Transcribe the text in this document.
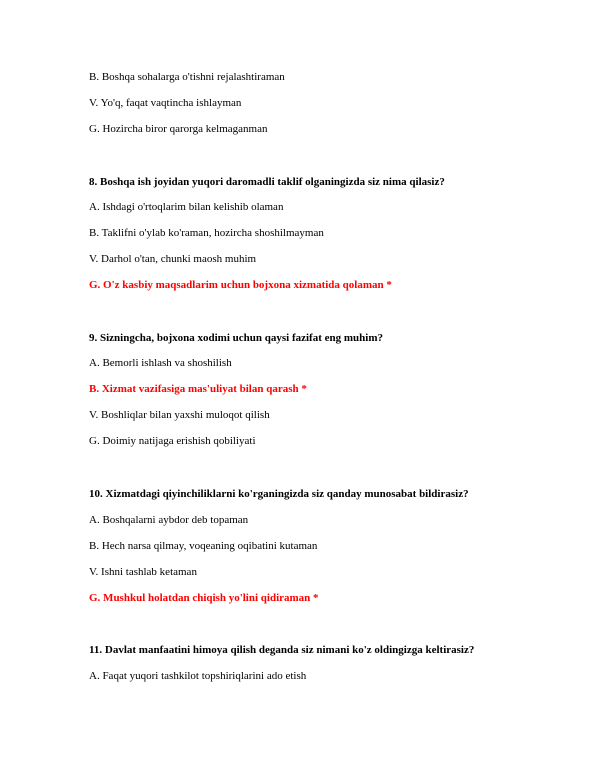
B. Boshqa sohalarga o'tishni rejalashtiraman
V. Yo'q, faqat vaqtincha ishlayman
G. Hozircha biror qarorga kelmaganman
8. Boshqa ish joyidan yuqori daromadli taklif olganingizda siz nima qilasiz?
A. Ishdagi o'rtoqlarim bilan kelishib olaman
B. Taklifni o'ylab ko'raman, hozircha shoshilmayman
V. Darhol o'tan, chunki maosh muhim
G. O'z kasbiy maqsadlarim uchun bojxona xizmatida qolaman *
9. Sizningcha, bojxona xodimi uchun qaysi fazifat eng muhim?
A. Bemorli ishlash va shoshilish
B. Xizmat vazifasiga mas'uliyat bilan qarash *
V. Boshliqlar bilan yaxshi muloqot qilish
G. Doimiy natijaga erishish qobiliyati
10. Xizmatdagi qiyinchiliklarni ko'rganingizda siz qanday munosabat bildirasiz?
A. Boshqalarni aybdor deb topaman
B. Hech narsa qilmay, voqeaning oqibatini kutaman
V. Ishni tashlab ketaman
G. Mushkul holatdan chiqish yo'lini qidiraman *
11. Davlat manfaatini himoya qilish deganda siz nimani ko'z oldingizga keltirasiz?
A. Faqat yuqori tashkilot topshiriqlarini ado etish
